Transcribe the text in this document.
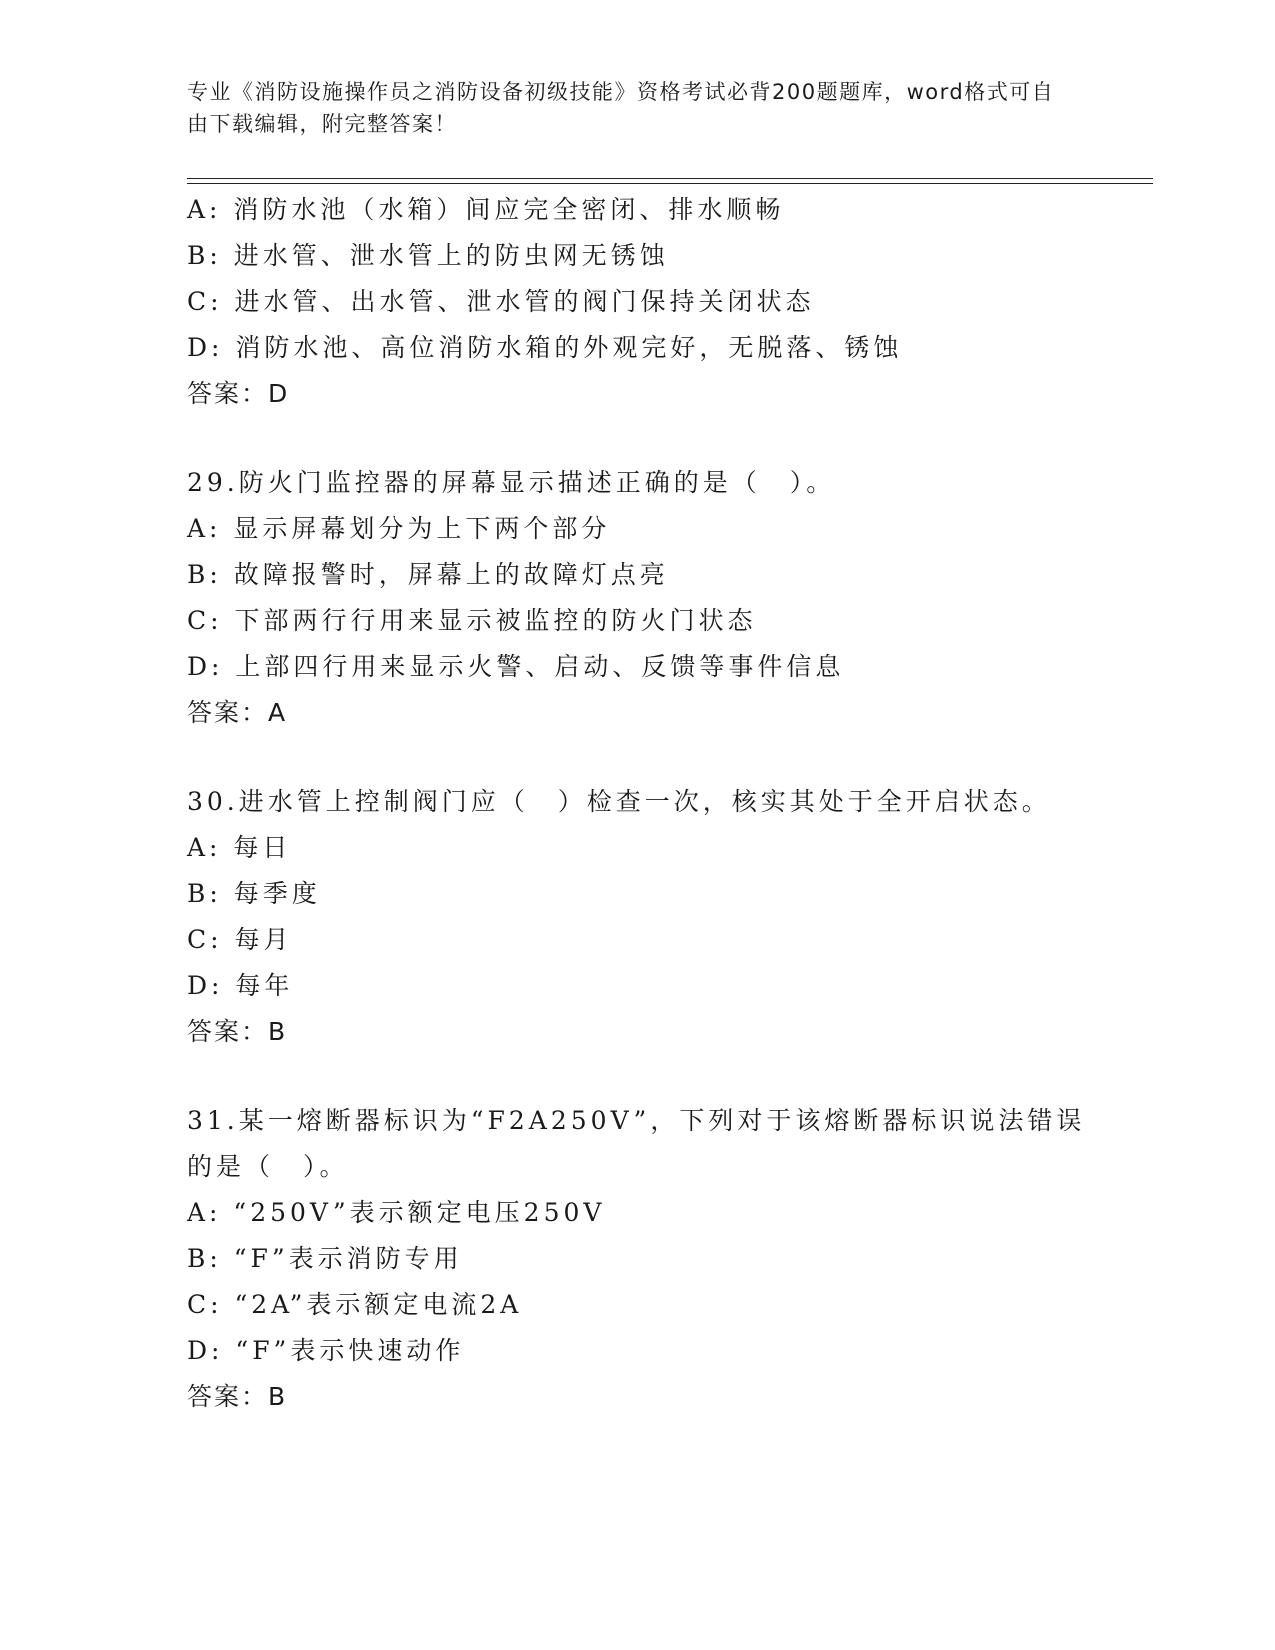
专业《消防设施操作员之消防设备初级技能》资格考试必背200题题库，word格式可自由下载编辑，附完整答案！
A: 消防水池（水箱）间应完全密闭、排水顺畅
B: 进水管、泄水管上的防虫网无锈蚀
C: 进水管、出水管、泄水管的阀门保持关闭状态
D: 消防水池、高位消防水箱的外观完好，无脱落、锈蚀
答案：D
29.防火门监控器的屏幕显示描述正确的是（　）。
A: 显示屏幕划分为上下两个部分
B: 故障报警时，屏幕上的故障灯点亮
C: 下部两行行用来显示被监控的防火门状态
D: 上部四行用来显示火警、启动、反馈等事件信息
答案：A
30.进水管上控制阀门应（　）检查一次，核实其处于全开启状态。
A: 每日
B: 每季度
C: 每月
D: 每年
答案：B
31.某一熔断器标识为“F2A250V”，下列对于该熔断器标识说法错误
的是（　）。
A: “250V”表示额定电压250V
B: “F”表示消防专用
C: “2A”表示额定电流2A
D: “F”表示快速动作
答案：B
